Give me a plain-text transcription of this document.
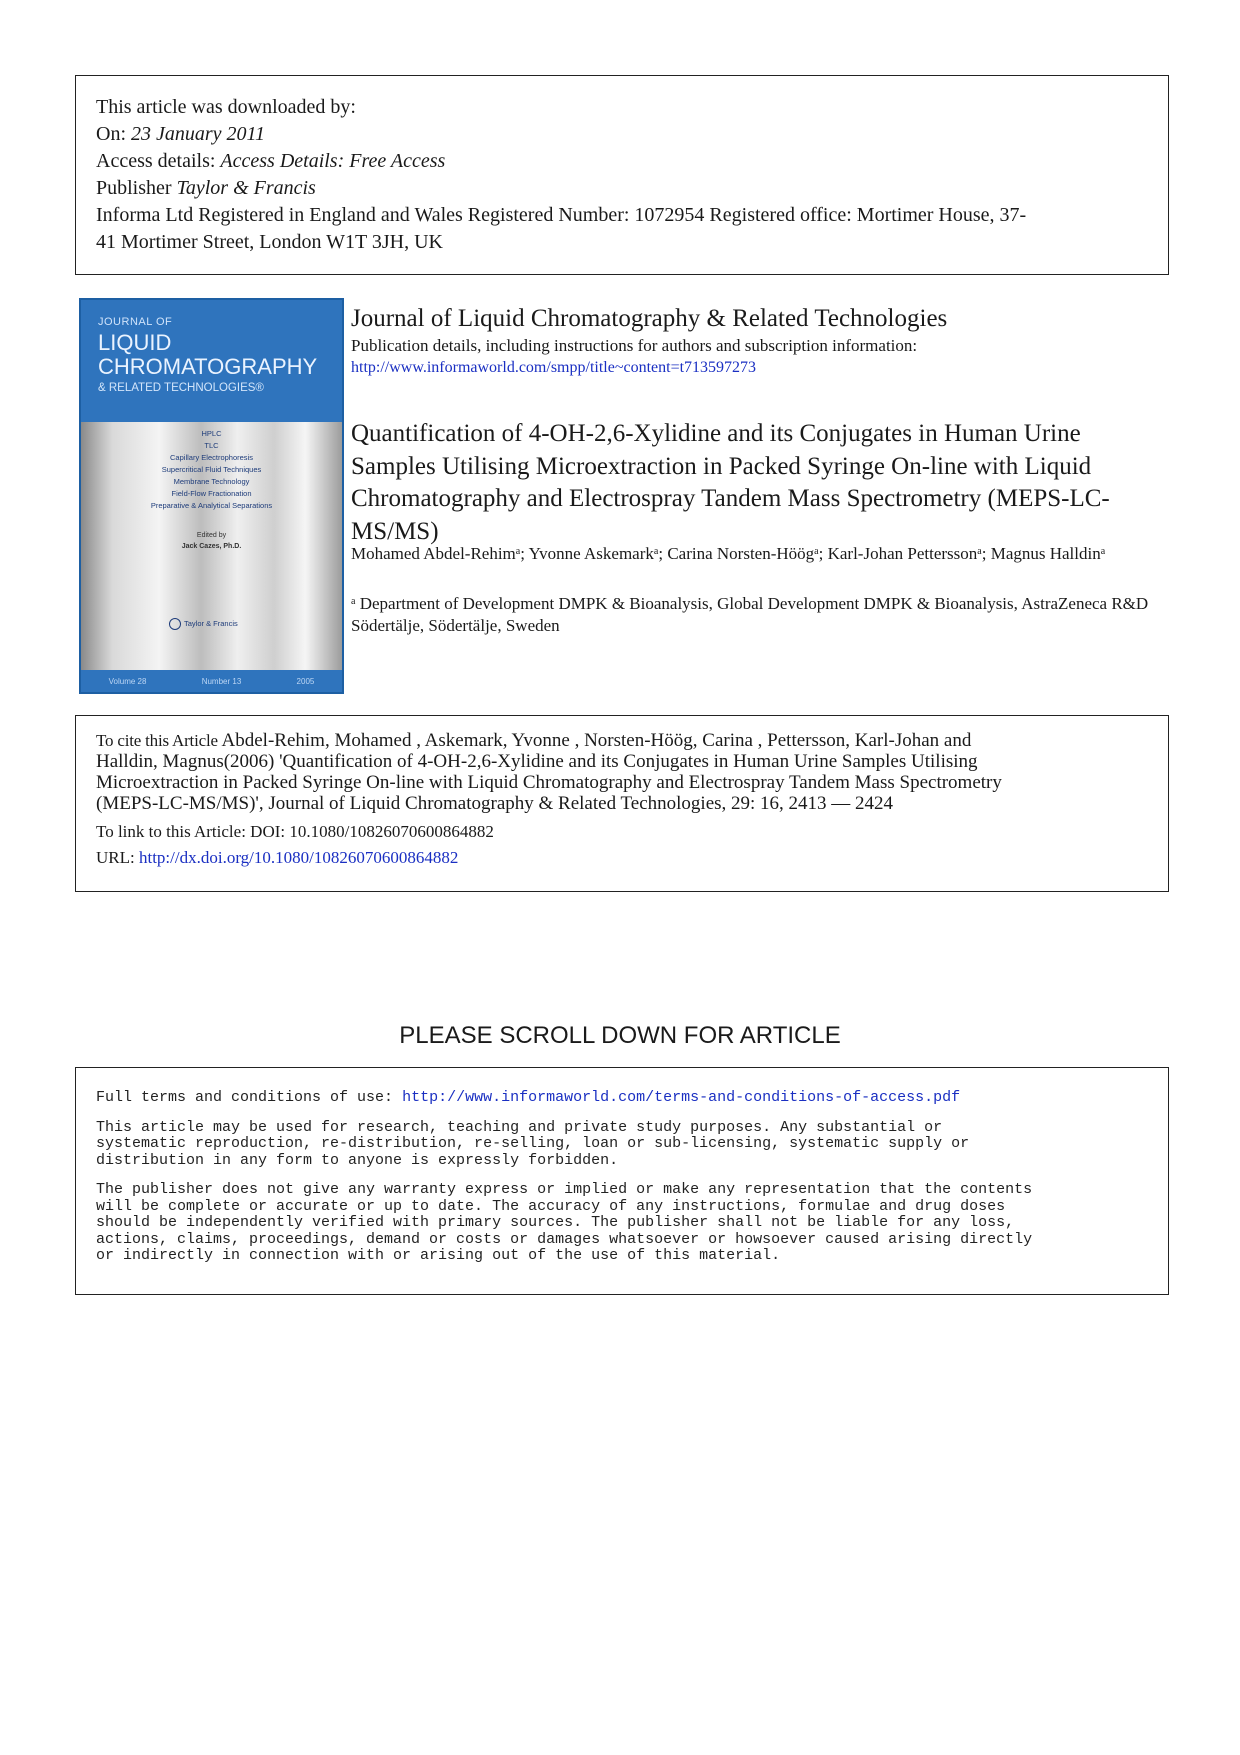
This article was downloaded by:
On: 23 January 2011
Access details: Access Details: Free Access
Publisher Taylor & Francis
Informa Ltd Registered in England and Wales Registered Number: 1072954 Registered office: Mortimer House, 37-
41 Mortimer Street, London W1T 3JH, UK
JOURNAL OF
LIQUID
CHROMATOGRAPHY
& RELATED TECHNOLOGIES®
HPLC
TLC
Capillary Electrophoresis
Supercritical Fluid Techniques
Membrane Technology
Field-Flow Fractionation
Preparative & Analytical Separations
Edited by
Jack Cazes, Ph.D.
Taylor & Francis
Volume 28	Number 13	2005
Journal of Liquid Chromatography & Related Technologies

Publication details, including instructions for authors and subscription information:

http://www.informaworld.com/smpp/title~content=t713597273
Quantification of 4-OH-2,6-Xylidine and its Conjugates in Human Urine Samples Utilising Microextraction in Packed Syringe On-line with Liquid Chromatography and Electrospray Tandem Mass Spectrometry (MEPS-LC-MS/MS)
Mohamed Abdel-Rehim$^a$; Yvonne Askemark$^a$; Carina Norsten-Höög$^a$; Karl-Johan Pettersson$^a$; Magnus Halldin$^a$
$^a$ Department of Development DMPK & Bioanalysis, Global Development DMPK & Bioanalysis, AstraZeneca R&D Södertälje, Södertälje, Sweden

To cite this Article Abdel-Rehim, Mohamed , Askemark, Yvonne , Norsten-Höög, Carina , Pettersson, Karl-Johan and
Halldin, Magnus(2006) 'Quantification of 4-OH-2,6-Xylidine and its Conjugates in Human Urine Samples Utilising
Microextraction in Packed Syringe On-line with Liquid Chromatography and Electrospray Tandem Mass Spectrometry
(MEPS-LC-MS/MS)', Journal of Liquid Chromatography & Related Technologies, 29: 16, 2413 — 2424

To link to this Article: DOI: 10.1080/10826070600864882
URL: http://dx.doi.org/10.1080/10826070600864882
PLEASE SCROLL DOWN FOR ARTICLE

Full terms and conditions of use: http://www.informaworld.com/terms-and-conditions-of-access.pdf

This article may be used for research, teaching and private study purposes. Any substantial or
systematic reproduction, re-distribution, re-selling, loan or sub-licensing, systematic supply or
distribution in any form to anyone is expressly forbidden.

The publisher does not give any warranty express or implied or make any representation that the contents
will be complete or accurate or up to date. The accuracy of any instructions, formulae and drug doses
should be independently verified with primary sources. The publisher shall not be liable for any loss,
actions, claims, proceedings, demand or costs or damages whatsoever or howsoever caused arising directly
or indirectly in connection with or arising out of the use of this material.
